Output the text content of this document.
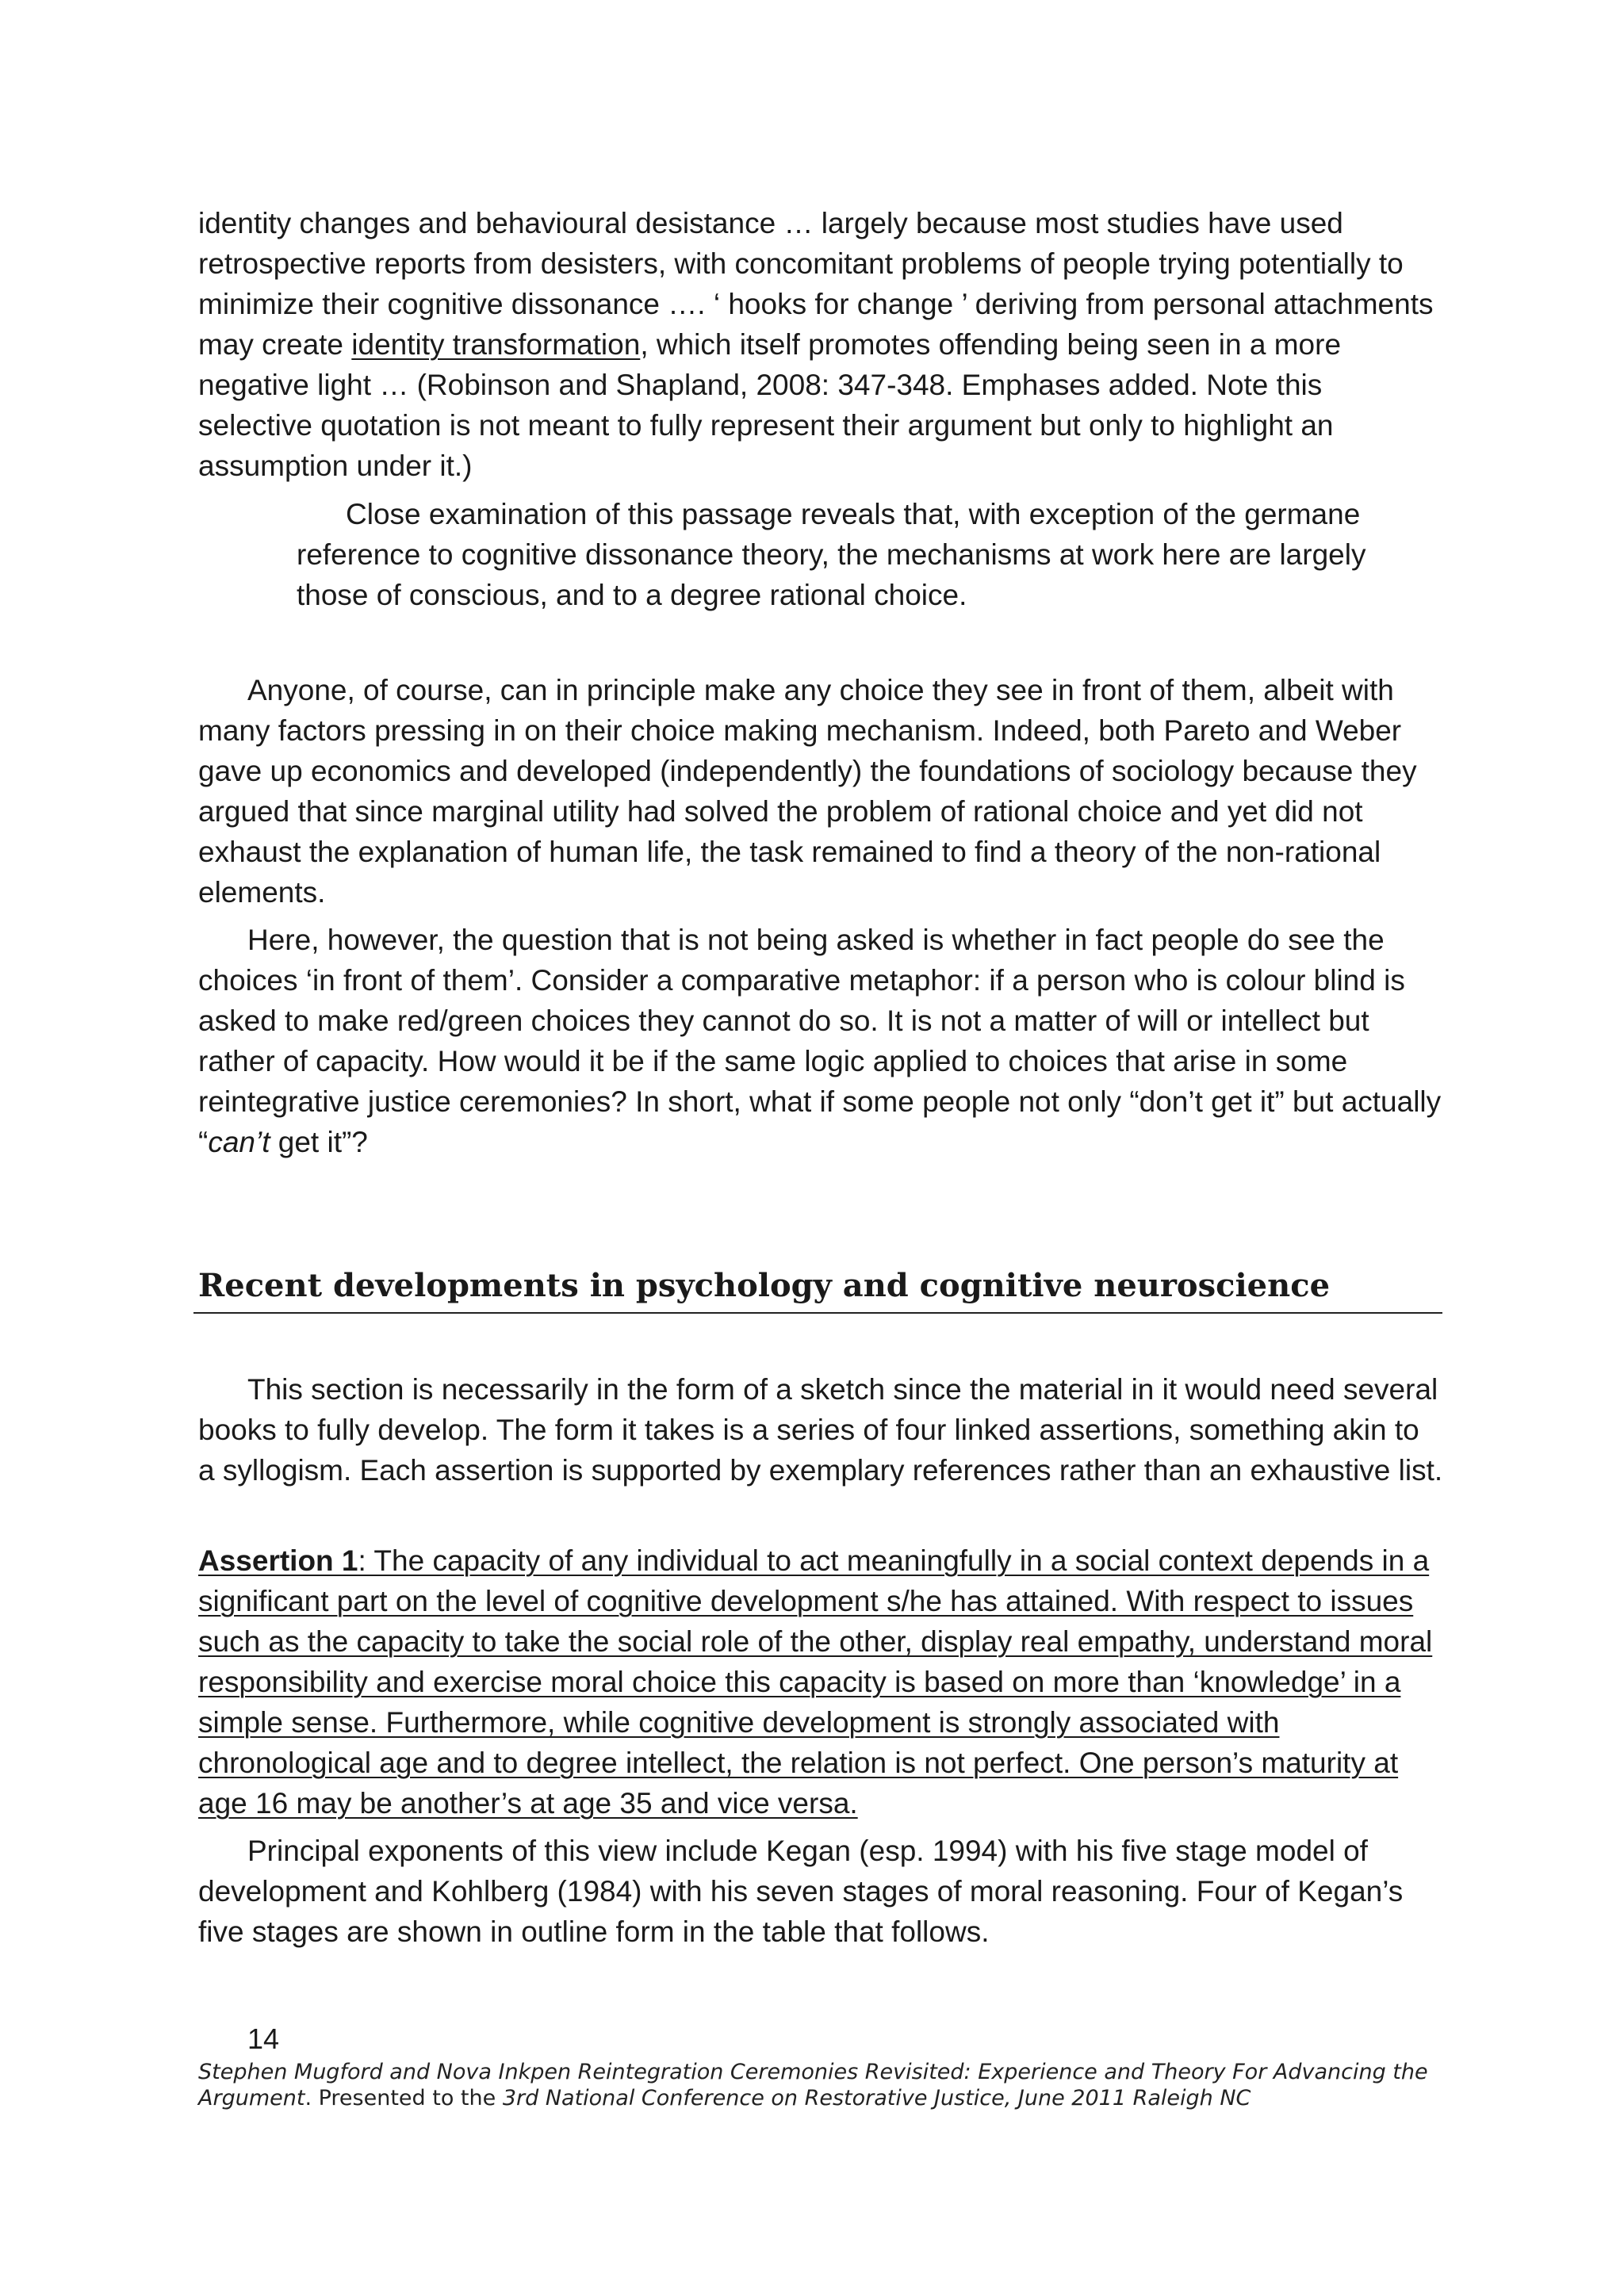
identity changes and behavioural desistance … largely because most studies have used retrospective reports from desisters, with concomitant problems of people trying potentially to minimize their cognitive dissonance …. ‘ hooks for change ’ deriving from personal attachments may create identity transformation, which itself promotes offending being seen in a more negative light … (Robinson and Shapland, 2008: 347-348. Emphases added. Note this selective quotation is not meant to fully represent their argument but only to highlight an assumption under it.)

Close examination of this passage reveals that, with exception of the germane reference to cognitive dissonance theory, the mechanisms at work here are largely those of conscious, and to a degree rational choice.

Anyone, of course, can in principle make any choice they see in front of them, albeit with many factors pressing in on their choice making mechanism. Indeed, both Pareto and Weber gave up economics and developed (independently) the foundations of sociology because they argued that since marginal utility had solved the problem of rational choice and yet did not exhaust the explanation of human life, the task remained to find a theory of the non-rational elements.

Here, however, the question that is not being asked is whether in fact people do see the choices ‘in front of them’. Consider a comparative metaphor: if a person who is colour blind is asked to make red/green choices they cannot do so. It is not a matter of will or intellect but rather of capacity. How would it be if the same logic applied to choices that arise in some reintegrative justice ceremonies? In short, what if some people not only “don’t get it” but actually “can’t get it”?

Recent developments in psychology and cognitive neuroscience

This section is necessarily in the form of a sketch since the material in it would need several books to fully develop. The form it takes is a series of four linked assertions, something akin to a syllogism. Each assertion is supported by exemplary references rather than an exhaustive list.

Assertion 1: The capacity of any individual to act meaningfully in a social context depends in a significant part on the level of cognitive development s/he has attained. With respect to issues such as the capacity to take the social role of the other, display real empathy, understand moral responsibility and exercise moral choice this capacity is based on more than ‘knowledge’ in a simple sense. Furthermore, while cognitive development is strongly associated with chronological age and to degree intellect, the relation is not perfect. One person’s maturity at age 16 may be another’s at age 35 and vice versa.

Principal exponents of this view include Kegan (esp. 1994) with his five stage model of development and Kohlberg (1984) with his seven stages of moral reasoning. Four of Kegan’s five stages are shown in outline form in the table that follows.

14
Stephen Mugford and Nova Inkpen Reintegration Ceremonies Revisited: Experience and Theory For Advancing the Argument. Presented to the 3rd National Conference on Restorative Justice, June 2011 Raleigh NC
